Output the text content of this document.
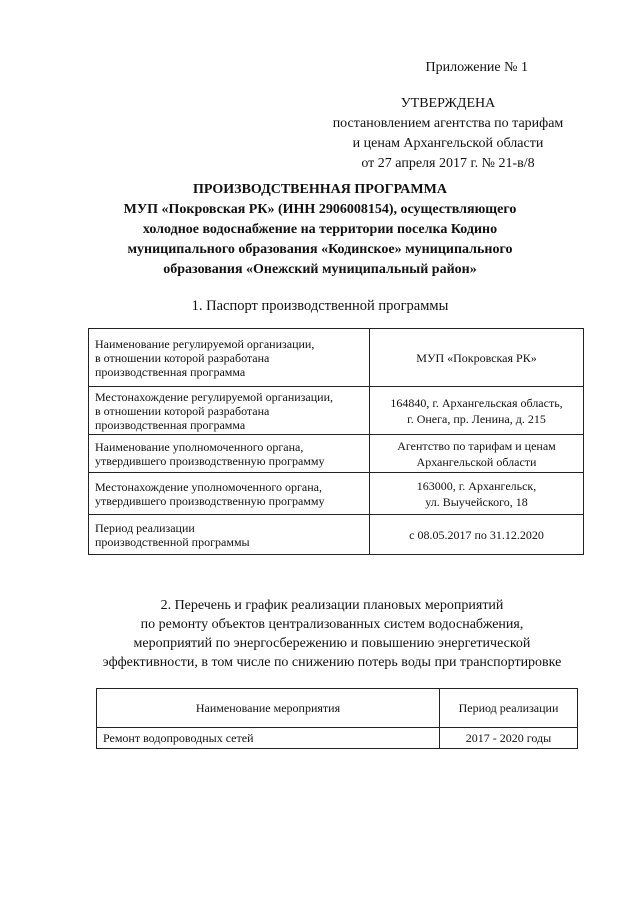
Приложение № 1
УТВЕРЖДЕНА
постановлением агентства по тарифам
и ценам Архангельской области
от 27 апреля 2017 г. № 21-в/8
ПРОИЗВОДСТВЕННАЯ ПРОГРАММА
МУП «Покровская РК» (ИНН 2906008154), осуществляющего
холодное водоснабжение на территории поселка Кодино
муниципального образования «Кодинское» муниципального
образования «Онежский муниципальный район»
1. Паспорт производственной программы
Наименование регулируемой организации,
в отношении которой разработана
производственная программа	МУП «Покровская РК»

Местонахождение регулируемой организации,
в отношении которой разработана
производственная программа	164840, г. Архангельская область,
г. Онега, пр. Ленина, д. 215

Наименование уполномоченного органа,
утвердившего производственную программу	Агентство по тарифам и ценам
Архангельской области

Местонахождение уполномоченного органа,
утвердившего производственную программу	163000, г. Архангельск,
ул. Выучейского, 18

Период реализации
производственной программы	с 08.05.2017 по 31.12.2020
2. Перечень и график реализации плановых мероприятий
по ремонту объектов централизованных систем водоснабжения,
мероприятий по энергосбережению и повышению энергетической
эффективности, в том числе по снижению потерь воды при транспортировке
Наименование мероприятия	Период реализации
Ремонт водопроводных сетей	2017 - 2020 годы
